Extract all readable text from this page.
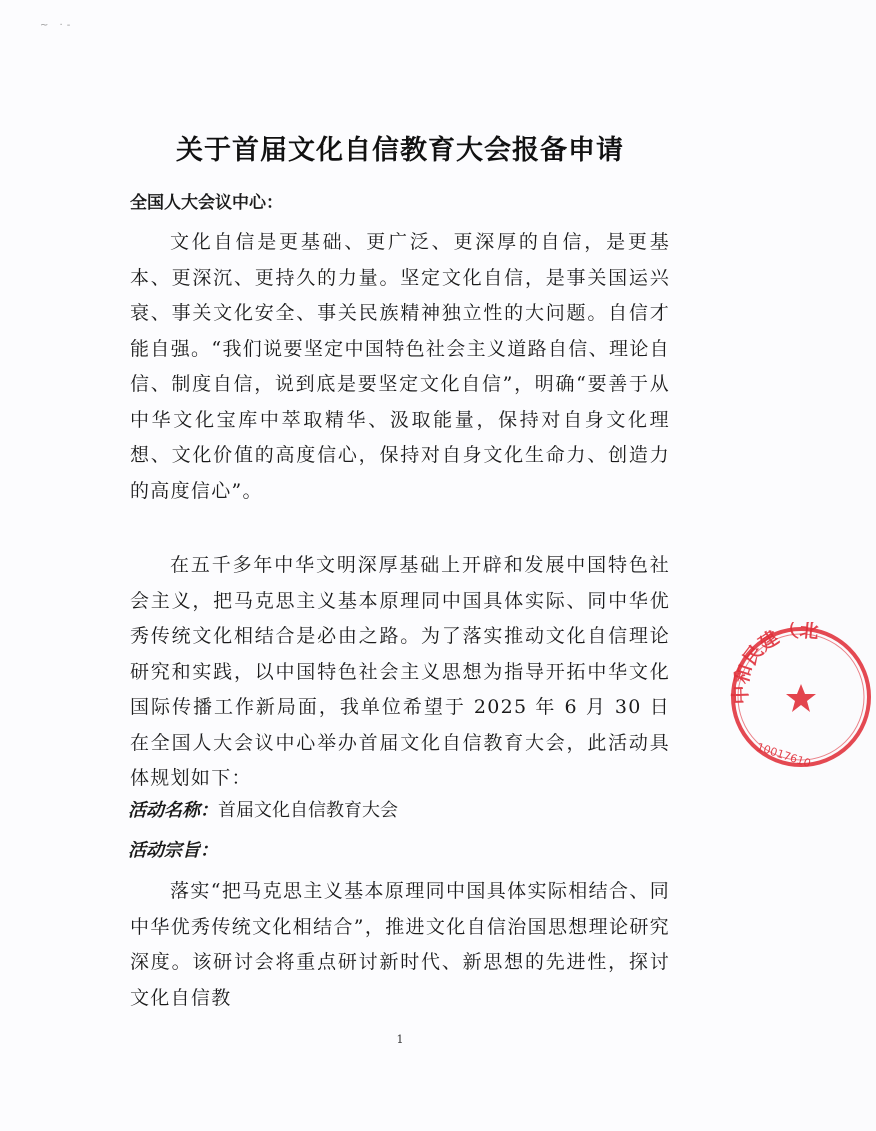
~ ·-
关于首届文化自信教育大会报备申请
全国人大会议中心：
文化自信是更基础、更广泛、更深厚的自信，是更基本、更深沉、更持久的力量。坚定文化自信，是事关国运兴衰、事关文化安全、事关民族精神独立性的大问题。自信才能自强。“我们说要坚定中国特色社会主义道路自信、理论自信、制度自信，说到底是要坚定文化自信”，明确“要善于从中华文化宝库中萃取精华、汲取能量，保持对自身文化理想、文化价值的高度信心，保持对自身文化生命力、创造力的高度信心”。
在五千多年中华文明深厚基础上开辟和发展中国特色社会主义，把马克思主义基本原理同中国具体实际、同中华优秀传统文化相结合是必由之路。为了落实推动文化自信理论研究和实践，以中国特色社会主义思想为指导开拓中华文化国际传播工作新局面，我单位希望于 2025 年 6 月 30 日在全国人大会议中心举办首届文化自信教育大会，此活动具体规划如下：
活动名称：首届文化自信教育大会
活动宗旨：
落实“把马克思主义基本原理同中国具体实际相结合、同中华优秀传统文化相结合”，推进文化自信治国思想理论研究深度。该研讨会将重点研讨新时代、新思想的先进性，探讨文化自信教
1
中和民建（北
10017610
